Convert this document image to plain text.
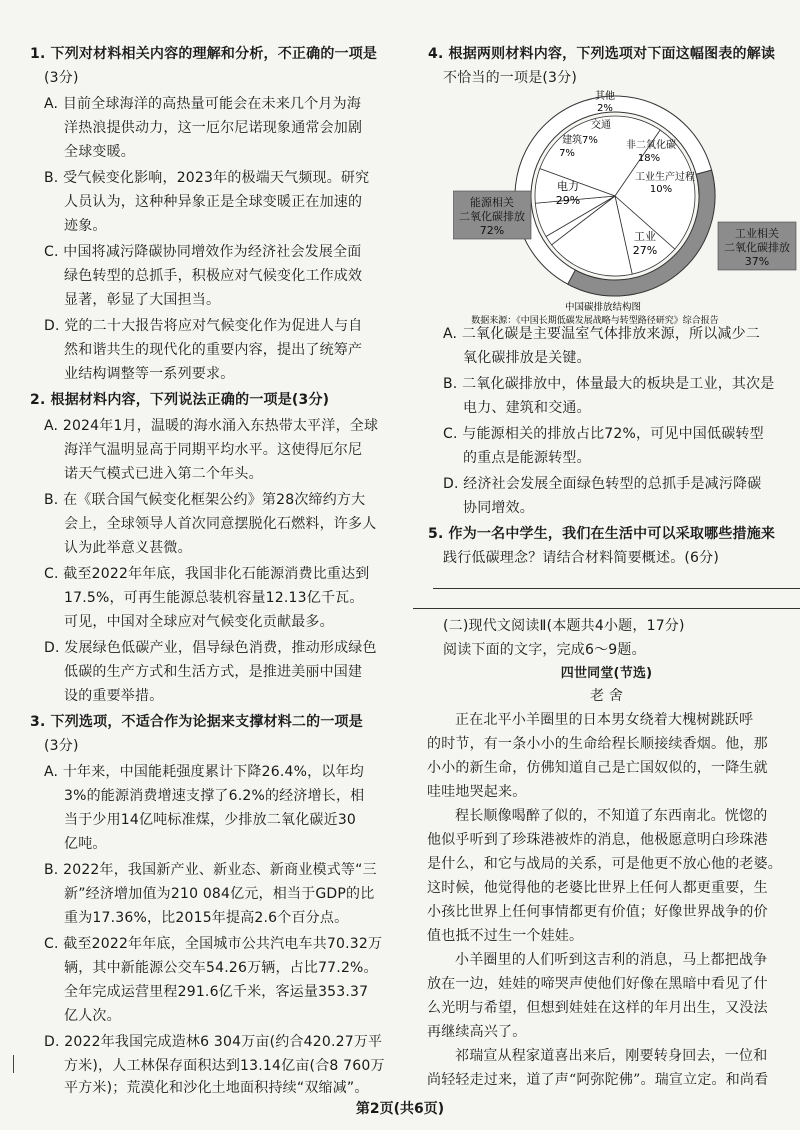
1. 下列对材料相关内容的理解和分析，不正确的一项是
(3分)
A. 目前全球海洋的高热量可能会在未来几个月为海
洋热浪提供动力，这一厄尔尼诺现象通常会加剧
全球变暖。
B. 受气候变化影响，2023年的极端天气频现。研究
人员认为，这种种异象正是全球变暖正在加速的
迹象。
C. 中国将减污降碳协同增效作为经济社会发展全面
绿色转型的总抓手，积极应对气候变化工作成效
显著，彰显了大国担当。
D. 党的二十大报告将应对气候变化作为促进人与自
然和谐共生的现代化的重要内容，提出了统筹产
业结构调整等一系列要求。
2. 根据材料内容，下列说法正确的一项是(3分)
A. 2024年1月，温暖的海水涌入东热带太平洋，全球
海洋气温明显高于同期平均水平。这使得厄尔尼
诺天气模式已进入第二个年头。
B. 在《联合国气候变化框架公约》第28次缔约方大
会上，全球领导人首次同意摆脱化石燃料，许多人
认为此举意义甚微。
C. 截至2022年年底，我国非化石能源消费比重达到
17.5%，可再生能源总装机容量12.13亿千瓦。
可见，中国对全球应对气候变化贡献最多。
D. 发展绿色低碳产业，倡导绿色消费，推动形成绿色
低碳的生产方式和生活方式，是推进美丽中国建
设的重要举措。
3. 下列选项，不适合作为论据来支撑材料二的一项是
(3分)
A. 十年来，中国能耗强度累计下降26.4%，以年均
3%的能源消费增速支撑了6.2%的经济增长，相
当于少用14亿吨标准煤，少排放二氧化碳近30
亿吨。
B. 2022年，我国新产业、新业态、新商业模式等“三
新”经济增加值为210 084亿元，相当于GDP的比
重为17.36%，比2015年提高2.6个百分点。
C. 截至2022年年底，全国城市公共汽电车共70.32万
辆，其中新能源公交车54.26万辆，占比77.2%。
全年完成运营里程291.6亿千米，客运量353.37
亿人次。
D. 2022年我国完成造林6 304万亩(约合420.27万平
方米)，人工林保存面积达到13.14亿亩(合8 760万
平方米)；荒漠化和沙化土地面积持续“双缩减”。
4. 根据两则材料内容，下列选项对下面这幅图表的解读
不恰当的一项是(3分)
能源相关
二氧化碳排放
72%	工业相关
二氧化碳排放
37%
电力
29%
工业
27%
工业生产过程
10%
非二氧化碳
18%
其他
2%
交通
建筑7%
7%
中国碳排放结构图
数据来源：《中国长期低碳发展战略与转型路径研究》综合报告
A. 二氧化碳是主要温室气体排放来源，所以减少二
氧化碳排放是关键。
B. 二氧化碳排放中，体量最大的板块是工业，其次是
电力、建筑和交通。
C. 与能源相关的排放占比72%，可见中国低碳转型
的重点是能源转型。
D. 经济社会发展全面绿色转型的总抓手是减污降碳
协同增效。
5. 作为一名中学生，我们在生活中可以采取哪些措施来
践行低碳理念？请结合材料简要概述。(6分)
(二)现代文阅读Ⅱ(本题共4小题，17分)
阅读下面的文字，完成6～9题。
四世同堂(节选)
老 舍
正在北平小羊圈里的日本男女绕着大槐树跳跃呼
的时节，有一条小小的生命给程长顺接续香烟。他，那
小小的新生命，仿佛知道自己是亡国奴似的，一降生就
哇哇地哭起来。
程长顺像喝醉了似的，不知道了东西南北。恍惚的
他似乎听到了珍珠港被炸的消息，他极愿意明白珍珠港
是什么，和它与战局的关系，可是他更不放心他的老婆。
这时候，他觉得他的老婆比世界上任何人都更重要，生
小孩比世界上任何事情都更有价值；好像世界战争的价
值也抵不过生一个娃娃。
小羊圈里的人们听到这吉利的消息，马上都把战争
放在一边，娃娃的啼哭声使他们好像在黑暗中看见了什
么光明与希望，但想到娃娃在这样的年月出生，又没法
再继续高兴了。
祁瑞宣从程家道喜出来后，刚要转身回去，一位和
尚轻轻走过来，道了声“阿弥陀佛”。瑞宣立定。和尚看
第2页(共6页)
